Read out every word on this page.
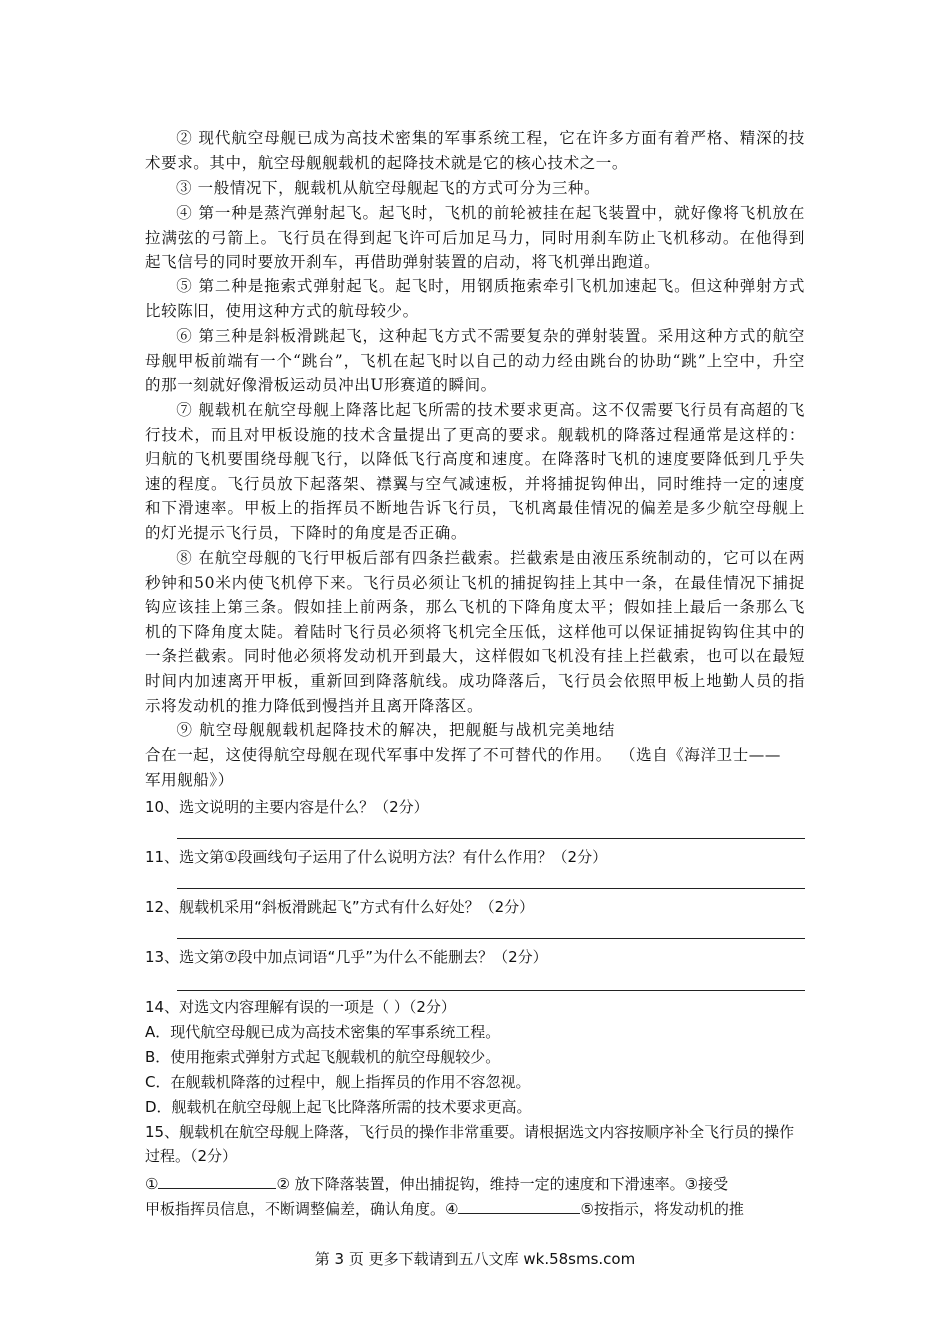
② 现代航空母舰已成为高技术密集的军事系统工程，它在许多方面有着严格、精深的技术要求。其中，航空母舰舰载机的起降技术就是它的核心技术之一。
③ 一般情况下，舰载机从航空母舰起飞的方式可分为三种。
④ 第一种是蒸汽弹射起飞。起飞时，飞机的前轮被挂在起飞装置中，就好像将飞机放在拉满弦的弓箭上。飞行员在得到起飞许可后加足马力，同时用刹车防止飞机移动。在他得到起飞信号的同时要放开刹车，再借助弹射装置的启动，将飞机弹出跑道。
⑤ 第二种是拖索式弹射起飞。起飞时，用钢质拖索牵引飞机加速起飞。但这种弹射方式比较陈旧，使用这种方式的航母较少。
⑥ 第三种是斜板滑跳起飞，这种起飞方式不需要复杂的弹射装置。采用这种方式的航空母舰甲板前端有一个“跳台”，飞机在起飞时以自己的动力经由跳台的协助“跳”上空中，升空的那一刻就好像滑板运动员冲出U形赛道的瞬间。
⑦ 舰载机在航空母舰上降落比起飞所需的技术要求更高。这不仅需要飞行员有高超的飞行技术，而且对甲板设施的技术含量提出了更高的要求。舰载机的降落过程通常是这样的：归航的飞机要围绕母舰飞行，以降低飞行高度和速度。在降落时飞机的速度要降低到几乎失速的程度。飞行员放下起落架、襟翼与空气减速板，并将捕捉钩伸出，同时维持一定的速度和下滑速率。甲板上的指挥员不断地告诉飞行员，飞机离最佳情况的偏差是多少航空母舰上的灯光提示飞行员，下降时的角度是否正确。
⑧ 在航空母舰的飞行甲板后部有四条拦截索。拦截索是由液压系统制动的，它可以在两秒钟和50米内使飞机停下来。飞行员必须让飞机的捕捉钩挂上其中一条，在最佳情况下捕捉钩应该挂上第三条。假如挂上前两条，那么飞机的下降角度太平；假如挂上最后一条那么飞机的下降角度太陡。着陆时飞行员必须将飞机完全压低，这样他可以保证捕捉钩钩住其中的一条拦截索。同时他必须将发动机开到最大，这样假如飞机没有挂上拦截索，也可以在最短时间内加速离开甲板，重新回到降落航线。成功降落后，飞行员会依照甲板上地勤人员的指示将发动机的推力降低到慢挡并且离开降落区。
⑨ 航空母舰舰载机起降技术的解决，把舰艇与战机完美地结合在一起，这使得航空母舰在现代军事中发挥了不可替代的作用。 （选自《海洋卫士——
军用舰船》）
10、选文说明的主要内容是什么？（2分）
11、选文第①段画线句子运用了什么说明方法？有什么作用？（2分）
12、舰载机采用“斜板滑跳起飞”方式有什么好处？（2分）
13、选文第⑦段中加点词语“几乎”为什么不能删去？（2分）
14、对选文内容理解有误的一项是（ ）（2分）
A．现代航空母舰已成为高技术密集的军事系统工程。
B．使用拖索式弹射方式起飞舰载机的航空母舰较少。
C．在舰载机降落的过程中，舰上指挥员的作用不容忽视。
D．舰载机在航空母舰上起飞比降落所需的技术要求更高。
15、舰载机在航空母舰上降落，飞行员的操作非常重要。请根据选文内容按顺序补全飞行员的操作过程。（2分）
①	② 放下降落装置，伸出捕捉钩，维持一定的速度和下滑速率。③接受
甲板指挥员信息，不断调整偏差，确认角度。④	⑤按指示，将发动机的推
第 3 页 更多下载请到五八文库 wk.58sms.com
